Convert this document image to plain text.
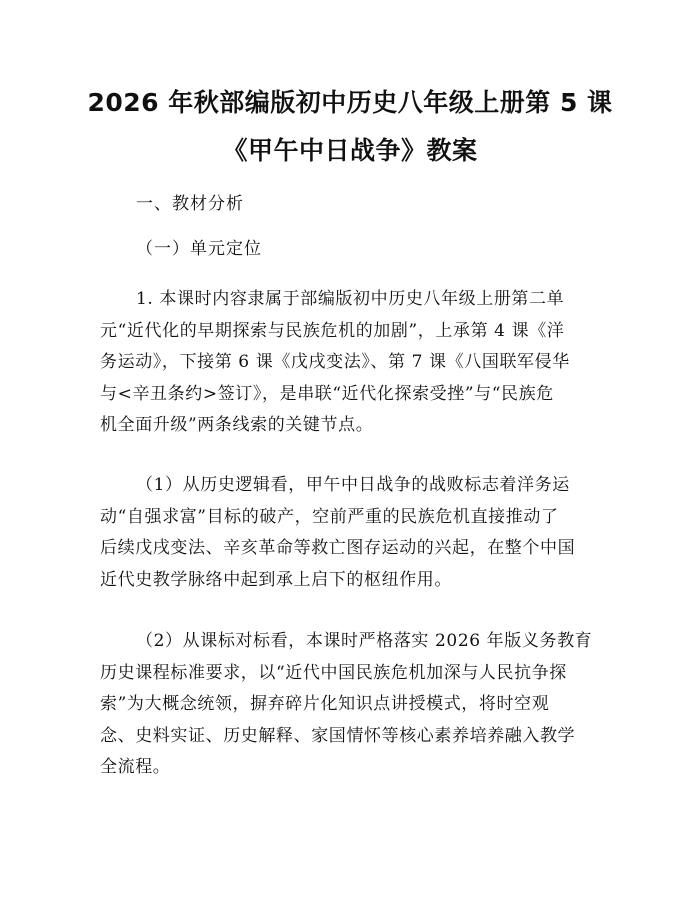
2026 年秋部编版初中历史八年级上册第 5 课
《甲午中日战争》教案
一、教材分析
（一）单元定位
1. 本课时内容隶属于部编版初中历史八年级上册第二单
元“近代化的早期探索与民族危机的加剧”，上承第 4 课《洋
务运动》，下接第 6 课《戊戌变法》、第 7 课《八国联军侵华
与<辛丑条约>签订》，是串联“近代化探索受挫”与“民族危
机全面升级”两条线索的关键节点。
（1）从历史逻辑看，甲午中日战争的战败标志着洋务运
动“自强求富”目标的破产，空前严重的民族危机直接推动了
后续戊戌变法、辛亥革命等救亡图存运动的兴起，在整个中国
近代史教学脉络中起到承上启下的枢纽作用。
（2）从课标对标看，本课时严格落实 2026 年版义务教育
历史课程标准要求，以“近代中国民族危机加深与人民抗争探
索”为大概念统领，摒弃碎片化知识点讲授模式，将时空观
念、史料实证、历史解释、家国情怀等核心素养培养融入教学
全流程。
